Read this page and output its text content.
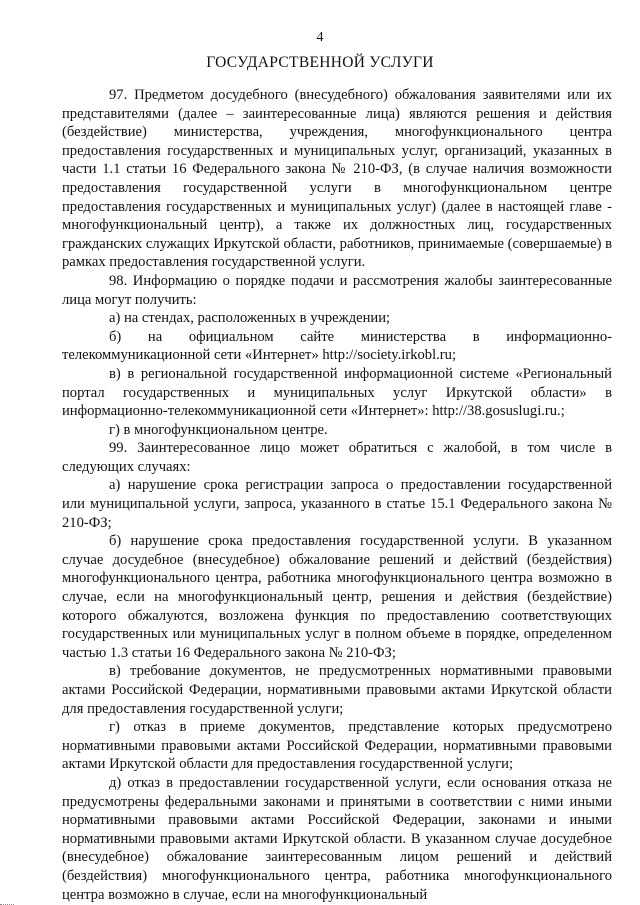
4
ГОСУДАРСТВЕННОЙ УСЛУГИ

97. Предметом досудебного (внесудебного) обжалования заявителями или их представителями (далее – заинтересованные лица) являются решения и действия (бездействие) министерства, учреждения, многофункционального центра предоставления государственных и муниципальных услуг, организаций, указанных в части 1.1 статьи 16 Федерального закона № 210-ФЗ, (в случае наличия возможности предоставления государственной услуги в многофункциональном центре предоставления государственных и муниципальных услуг) (далее в настоящей главе - многофункциональный центр), а также их должностных лиц, государственных гражданских служащих Иркутской области, работников, принимаемые (совершаемые) в рамках предоставления государственной услуги.

98. Информацию о порядке подачи и рассмотрения жалобы заинтересованные лица могут получить:

а) на стендах, расположенных в учреждении;

б) на официальном сайте министерства в информационно-телекоммуникационной сети «Интернет» http://society.irkobl.ru;

в) в региональной государственной информационной системе «Региональный портал государственных и муниципальных услуг Иркутской области» в информационно-телекоммуникационной сети «Интернет»: http://38.gosuslugi.ru.;

г) в многофункциональном центре.

99. Заинтересованное лицо может обратиться с жалобой, в том числе в следующих случаях:

а) нарушение срока регистрации запроса о предоставлении государственной или муниципальной услуги, запроса, указанного в статье 15.1 Федерального закона № 210-ФЗ;

б) нарушение срока предоставления государственной услуги. В указанном случае досудебное (внесудебное) обжалование решений и действий (бездействия) многофункционального центра, работника многофункционального центра возможно в случае, если на многофункциональный центр, решения и действия (бездействие) которого обжалуются, возложена функция по предоставлению соответствующих государственных или муниципальных услуг в полном объеме в порядке, определенном частью 1.3 статьи 16 Федерального закона № 210-ФЗ;

в) требование документов, не предусмотренных нормативными правовыми актами Российской Федерации, нормативными правовыми актами Иркутской области для предоставления государственной услуги;

г) отказ в приеме документов, представление которых предусмотрено нормативными правовыми актами Российской Федерации, нормативными правовыми актами Иркутской области для предоставления государственной услуги;

д) отказ в предоставлении государственной услуги, если основания отказа не предусмотрены федеральными законами и принятыми в соответствии с ними иными нормативными правовыми актами Российской Федерации, законами и иными нормативными правовыми актами Иркутской области. В указанном случае досудебное (внесудебное) обжалование заинтересованным лицом решений и действий (бездействия) многофункционального центра, работника многофункционального центра возможно в случае, если на многофункциональный
